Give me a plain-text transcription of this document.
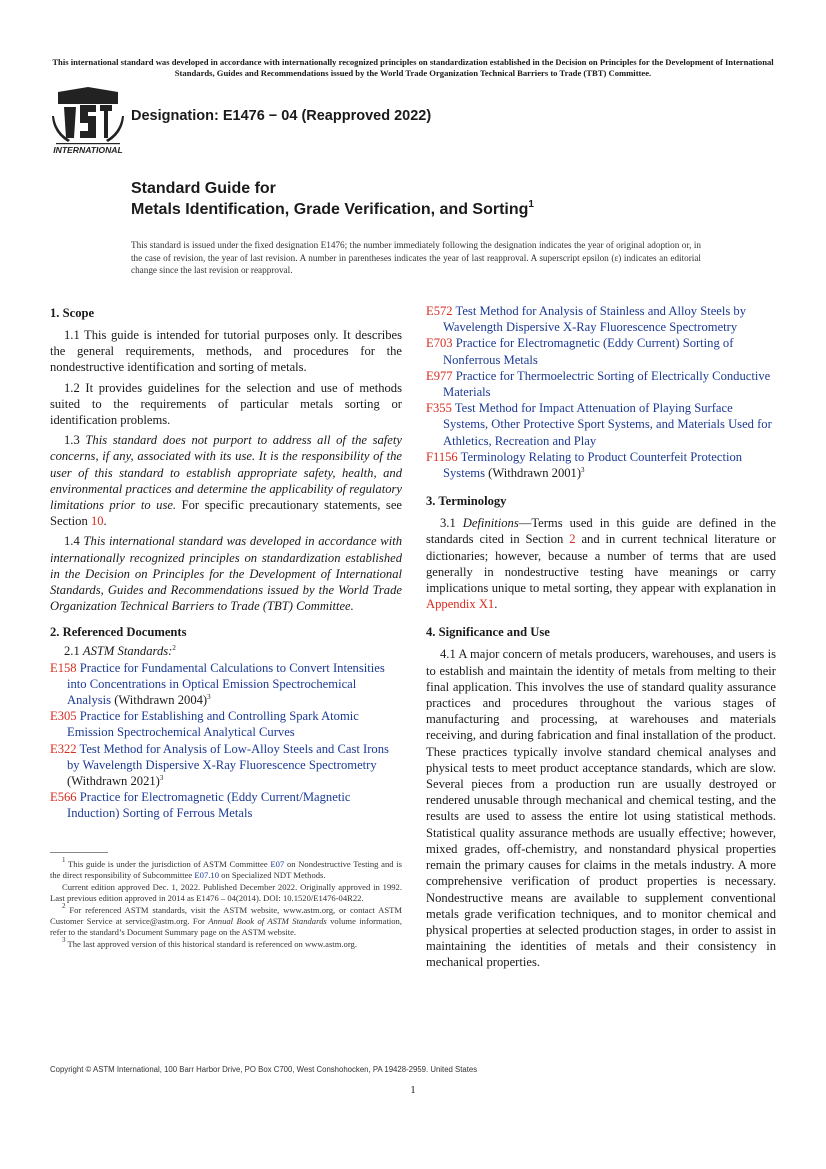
This international standard was developed in accordance with internationally recognized principles on standardization established in the Decision on Principles for the Development of International Standards, Guides and Recommendations issued by the World Trade Organization Technical Barriers to Trade (TBT) Committee.
INTERNATIONAL
Designation: E1476 − 04 (Reapproved 2022)
Standard Guide for
Metals Identification, Grade Verification, and Sorting$^1$
This standard is issued under the fixed designation E1476; the number immediately following the designation indicates the year of original adoption or, in the case of revision, the year of last revision. A number in parentheses indicates the year of last reapproval. A superscript epsilon (ε) indicates an editorial change since the last revision or reapproval.
1. Scope

1.1 This guide is intended for tutorial purposes only. It describes the general requirements, methods, and procedures for the nondestructive identification and sorting of metals.

1.2 It provides guidelines for the selection and use of methods suited to the requirements of particular metals sorting or identification problems.

1.3 This standard does not purport to address all of the safety concerns, if any, associated with its use. It is the responsibility of the user of this standard to establish appropriate safety, health, and environmental practices and determine the applicability of regulatory limitations prior to use. For specific precautionary statements, see Section 10.

1.4 This international standard was developed in accordance with internationally recognized principles on standardization established in the Decision on Principles for the Development of International Standards, Guides and Recommendations issued by the World Trade Organization Technical Barriers to Trade (TBT) Committee.

2. Referenced Documents

2.1 ASTM Standards:$^2$

E158 Practice for Fundamental Calculations to Convert Intensities into Concentrations in Optical Emission Spectrochemical Analysis (Withdrawn 2004)$^3$

E305 Practice for Establishing and Controlling Spark Atomic Emission Spectrochemical Analytical Curves

E322 Test Method for Analysis of Low-Alloy Steels and Cast Irons by Wavelength Dispersive X-Ray Fluorescence Spectrometry (Withdrawn 2021)$^3$

E566 Practice for Electromagnetic (Eddy Current/Magnetic Induction) Sorting of Ferrous Metals

$^1$ This guide is under the jurisdiction of ASTM Committee E07 on Nondestructive Testing and is the direct responsibility of Subcommittee E07.10 on Specialized NDT Methods.

Current edition approved Dec. 1, 2022. Published December 2022. Originally approved in 1992. Last previous edition approved in 2014 as E1476 – 04(2014). DOI: 10.1520/E1476-04R22.

$^2$ For referenced ASTM standards, visit the ASTM website, www.astm.org, or contact ASTM Customer Service at service@astm.org. For Annual Book of ASTM Standards volume information, refer to the standard’s Document Summary page on the ASTM website.

$^3$ The last approved version of this historical standard is referenced on www.astm.org.

E572 Test Method for Analysis of Stainless and Alloy Steels by Wavelength Dispersive X-Ray Fluorescence Spectrometry

E703 Practice for Electromagnetic (Eddy Current) Sorting of Nonferrous Metals

E977 Practice for Thermoelectric Sorting of Electrically Conductive Materials

F355 Test Method for Impact Attenuation of Playing Surface Systems, Other Protective Sport Systems, and Materials Used for Athletics, Recreation and Play

F1156 Terminology Relating to Product Counterfeit Protection Systems (Withdrawn 2001)$^3$

3. Terminology

3.1 Definitions—Terms used in this guide are defined in the standards cited in Section 2 and in current technical literature or dictionaries; however, because a number of terms that are used generally in nondestructive testing have meanings or carry implications unique to metal sorting, they appear with explanation in Appendix X1.

4. Significance and Use

4.1 A major concern of metals producers, warehouses, and users is to establish and maintain the identity of metals from melting to their final application. This involves the use of standard quality assurance practices and procedures throughout the various stages of manufacturing and processing, at warehouses and materials receiving, and during fabrication and final installation of the product. These practices typically involve standard chemical analyses and physical tests to meet product acceptance standards, which are slow. Several pieces from a production run are usually destroyed or rendered unusable through mechanical and chemical testing, and the results are used to assess the entire lot using statistical methods. Statistical quality assurance methods are usually effective; however, mixed grades, off-chemistry, and nonstandard physical properties remain the primary causes for claims in the metals industry. A more comprehensive verification of product properties is necessary. Nondestructive means are available to supplement conventional metals grade verification techniques, and to monitor chemical and physical properties at selected production stages, in order to assist in maintaining the identities of metals and their consistency in mechanical properties.

Copyright © ASTM International, 100 Barr Harbor Drive, PO Box C700, West Conshohocken, PA 19428-2959. United States
1
